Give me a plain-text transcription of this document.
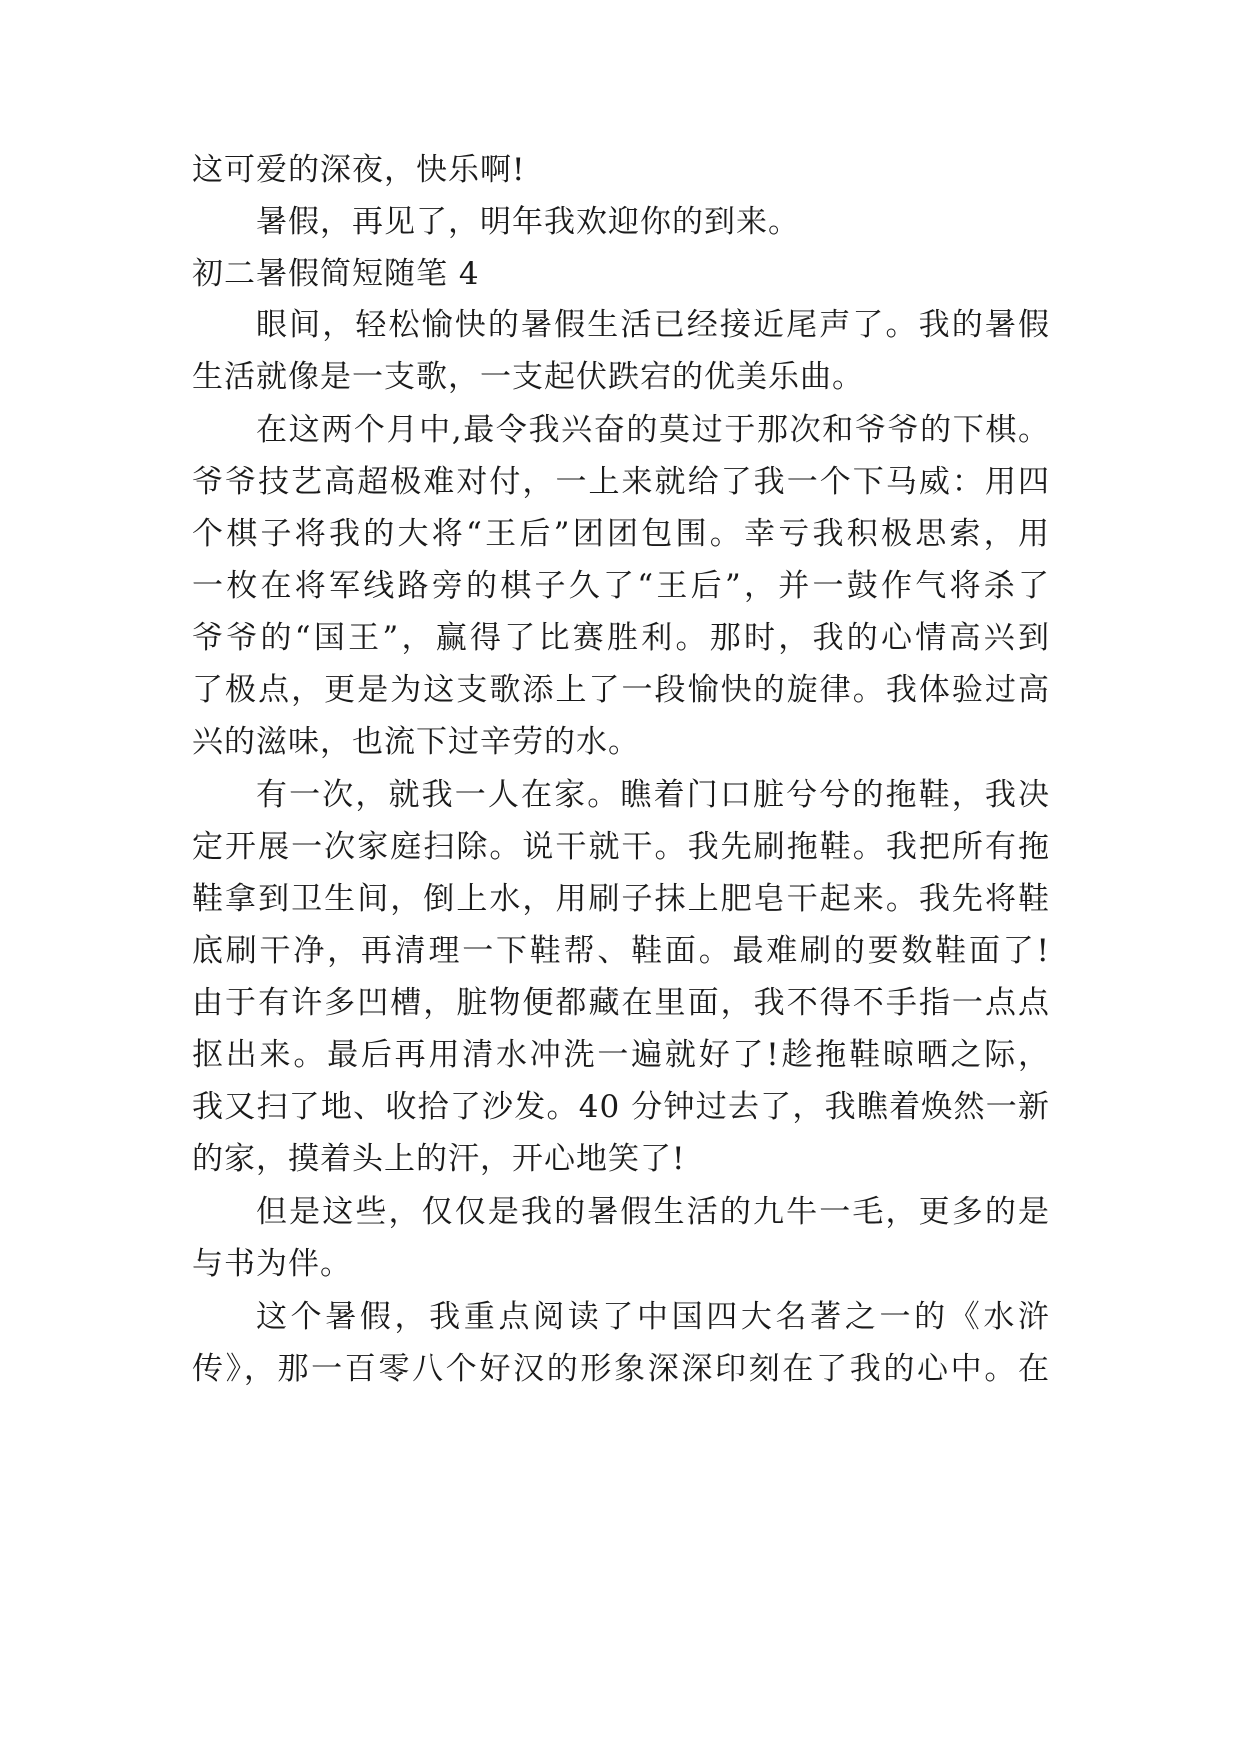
这可爱的深夜，快乐啊!

暑假，再见了，明年我欢迎你的到来。

初二暑假简短随笔 4

眼间，轻松愉快的暑假生活已经接近尾声了。我的暑假

生活就像是一支歌，一支起伏跌宕的优美乐曲。

在这两个月中,最令我兴奋的莫过于那次和爷爷的下棋。

爷爷技艺高超极难对付，一上来就给了我一个下马威：用四

个棋子将我的大将“王后”团团包围。幸亏我积极思索，用

一枚在将军线路旁的棋子久了“王后”，并一鼓作气将杀了

爷爷的“国王”，赢得了比赛胜利。那时，我的心情高兴到

了极点，更是为这支歌添上了一段愉快的旋律。我体验过高

兴的滋味，也流下过辛劳的水。

有一次，就我一人在家。瞧着门口脏兮兮的拖鞋，我决

定开展一次家庭扫除。说干就干。我先刷拖鞋。我把所有拖

鞋拿到卫生间，倒上水，用刷子抹上肥皂干起来。我先将鞋

底刷干净，再清理一下鞋帮、鞋面。最难刷的要数鞋面了!

由于有许多凹槽，脏物便都藏在里面，我不得不手指一点点

抠出来。最后再用清水冲洗一遍就好了!趁拖鞋晾晒之际，

我又扫了地、收拾了沙发。40 分钟过去了，我瞧着焕然一新

的家，摸着头上的汗，开心地笑了!

但是这些，仅仅是我的暑假生活的九牛一毛，更多的是

与书为伴。

这个暑假，我重点阅读了中国四大名著之一的《水浒

传》，那一百零八个好汉的形象深深印刻在了我的心中。在
